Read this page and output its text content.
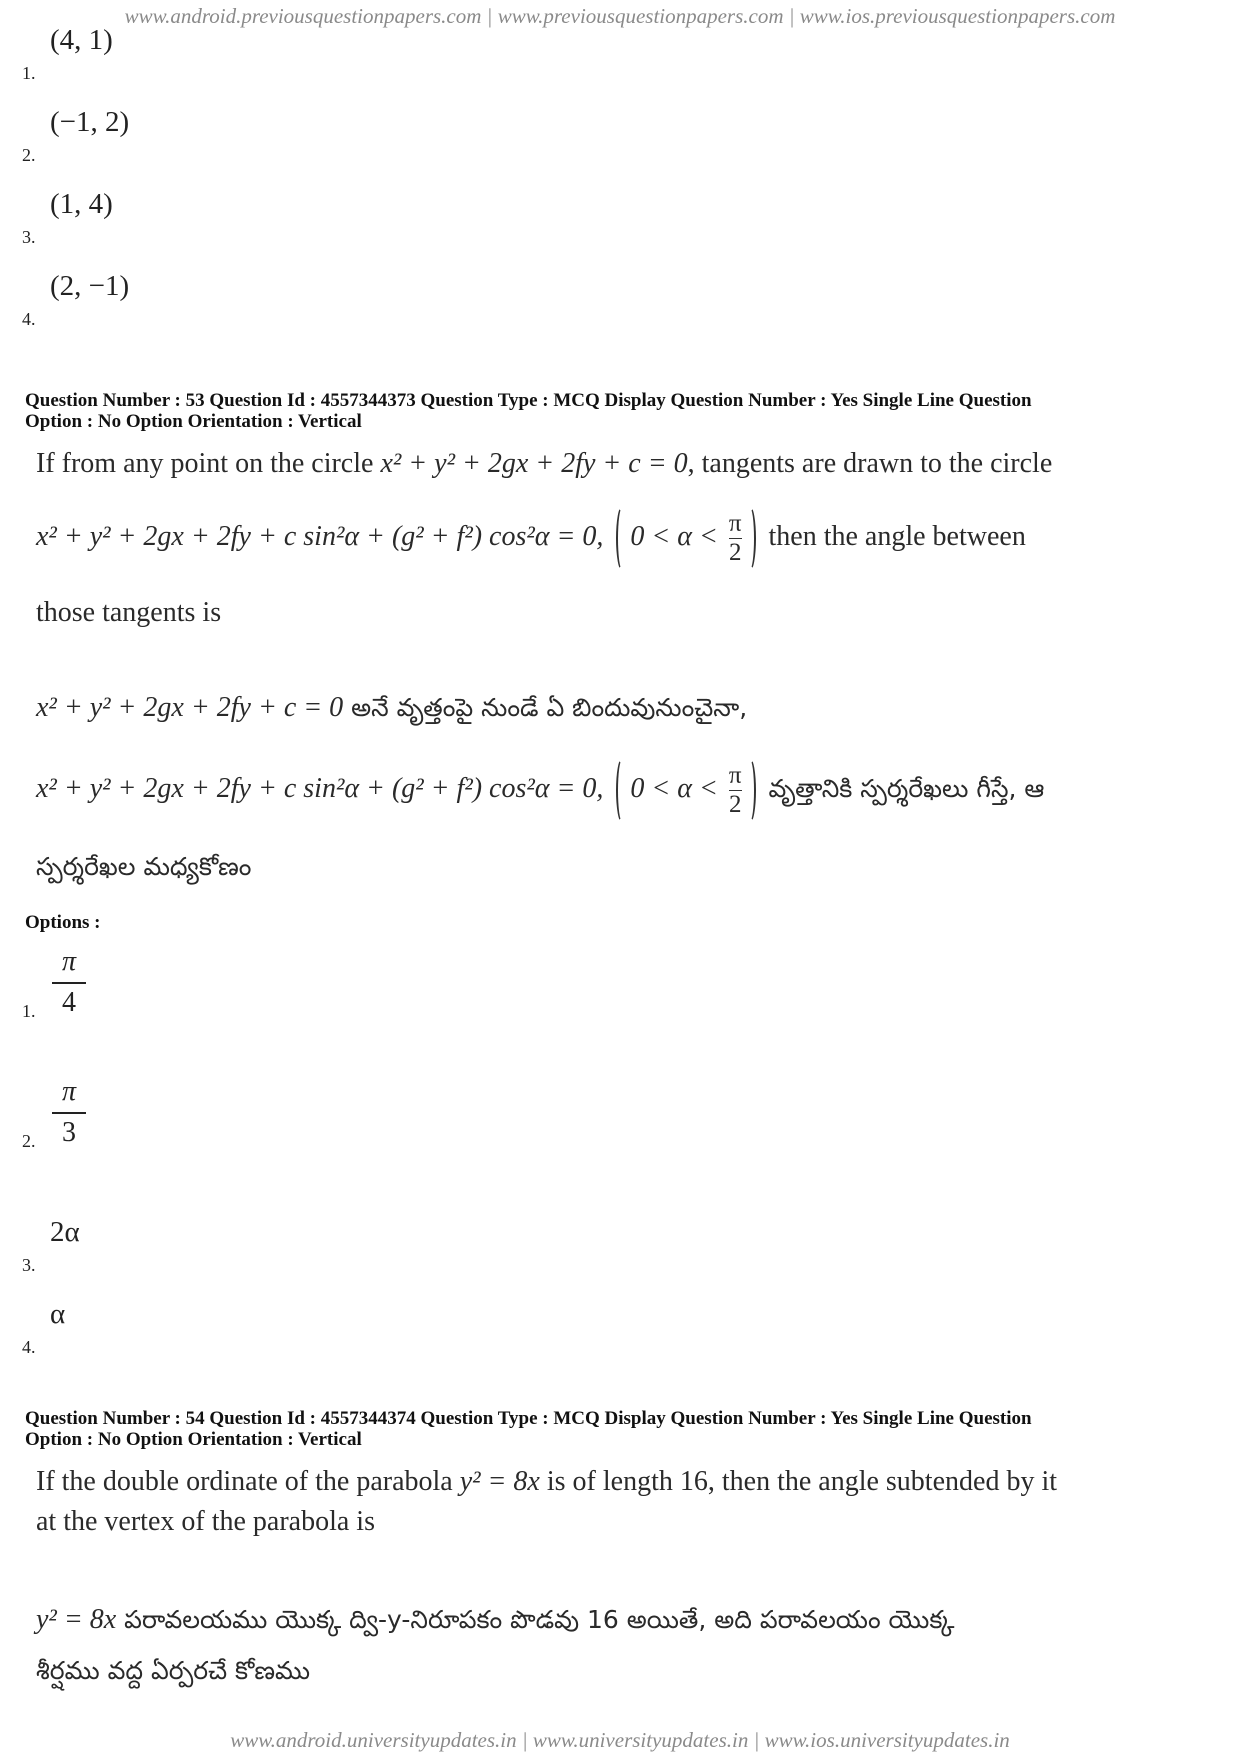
www.android.previousquestionpapers.com | www.previousquestionpapers.com | www.ios.previousquestionpapers.com
1.
(4, 1)
2.
(−1, 2)
3.
(1, 4)
4.
(2, −1)
Question Number : 53 Question Id : 4557344373 Question Type : MCQ Display Question Number : Yes Single Line Question
Option : No Option Orientation : Vertical
If from any point on the circle x² + y² + 2gx + 2fy + c = 0, tangents are drawn to the circle
x² + y² + 2gx + 2fy + c sin²α + (g² + f²) cos²α = 0, $0 < \alpha < \frac{\pi}{2}$ then the angle between
those tangents is
x² + y² + 2gx + 2fy + c = 0 అనే వృత్తంపై నుండే ఏ బిందువునుంచైనా,
x² + y² + 2gx + 2fy + c sin²α + (g² + f²) cos²α = 0, $0 < \alpha < \frac{\pi}{2}$ వృత్తానికి స్పర్శరేఖలు గీస్తే, ఆ
స్పర్శరేఖల మధ్యకోణం
Options :
1.
π
4
2.
π
3
3.
2α
4.
α
Question Number : 54 Question Id : 4557344374 Question Type : MCQ Display Question Number : Yes Single Line Question
Option : No Option Orientation : Vertical
If the double ordinate of the parabola y² = 8x is of length 16, then the angle subtended by it
at the vertex of the parabola is
y² = 8x పరావలయము యొక్క ద్వి-y-నిరూపకం పొడవు 16 అయితే, అది పరావలయం యొక్క
శీర్షము వద్ద ఏర్పరచే కోణము
www.android.universityupdates.in | www.universityupdates.in | www.ios.universityupdates.in
